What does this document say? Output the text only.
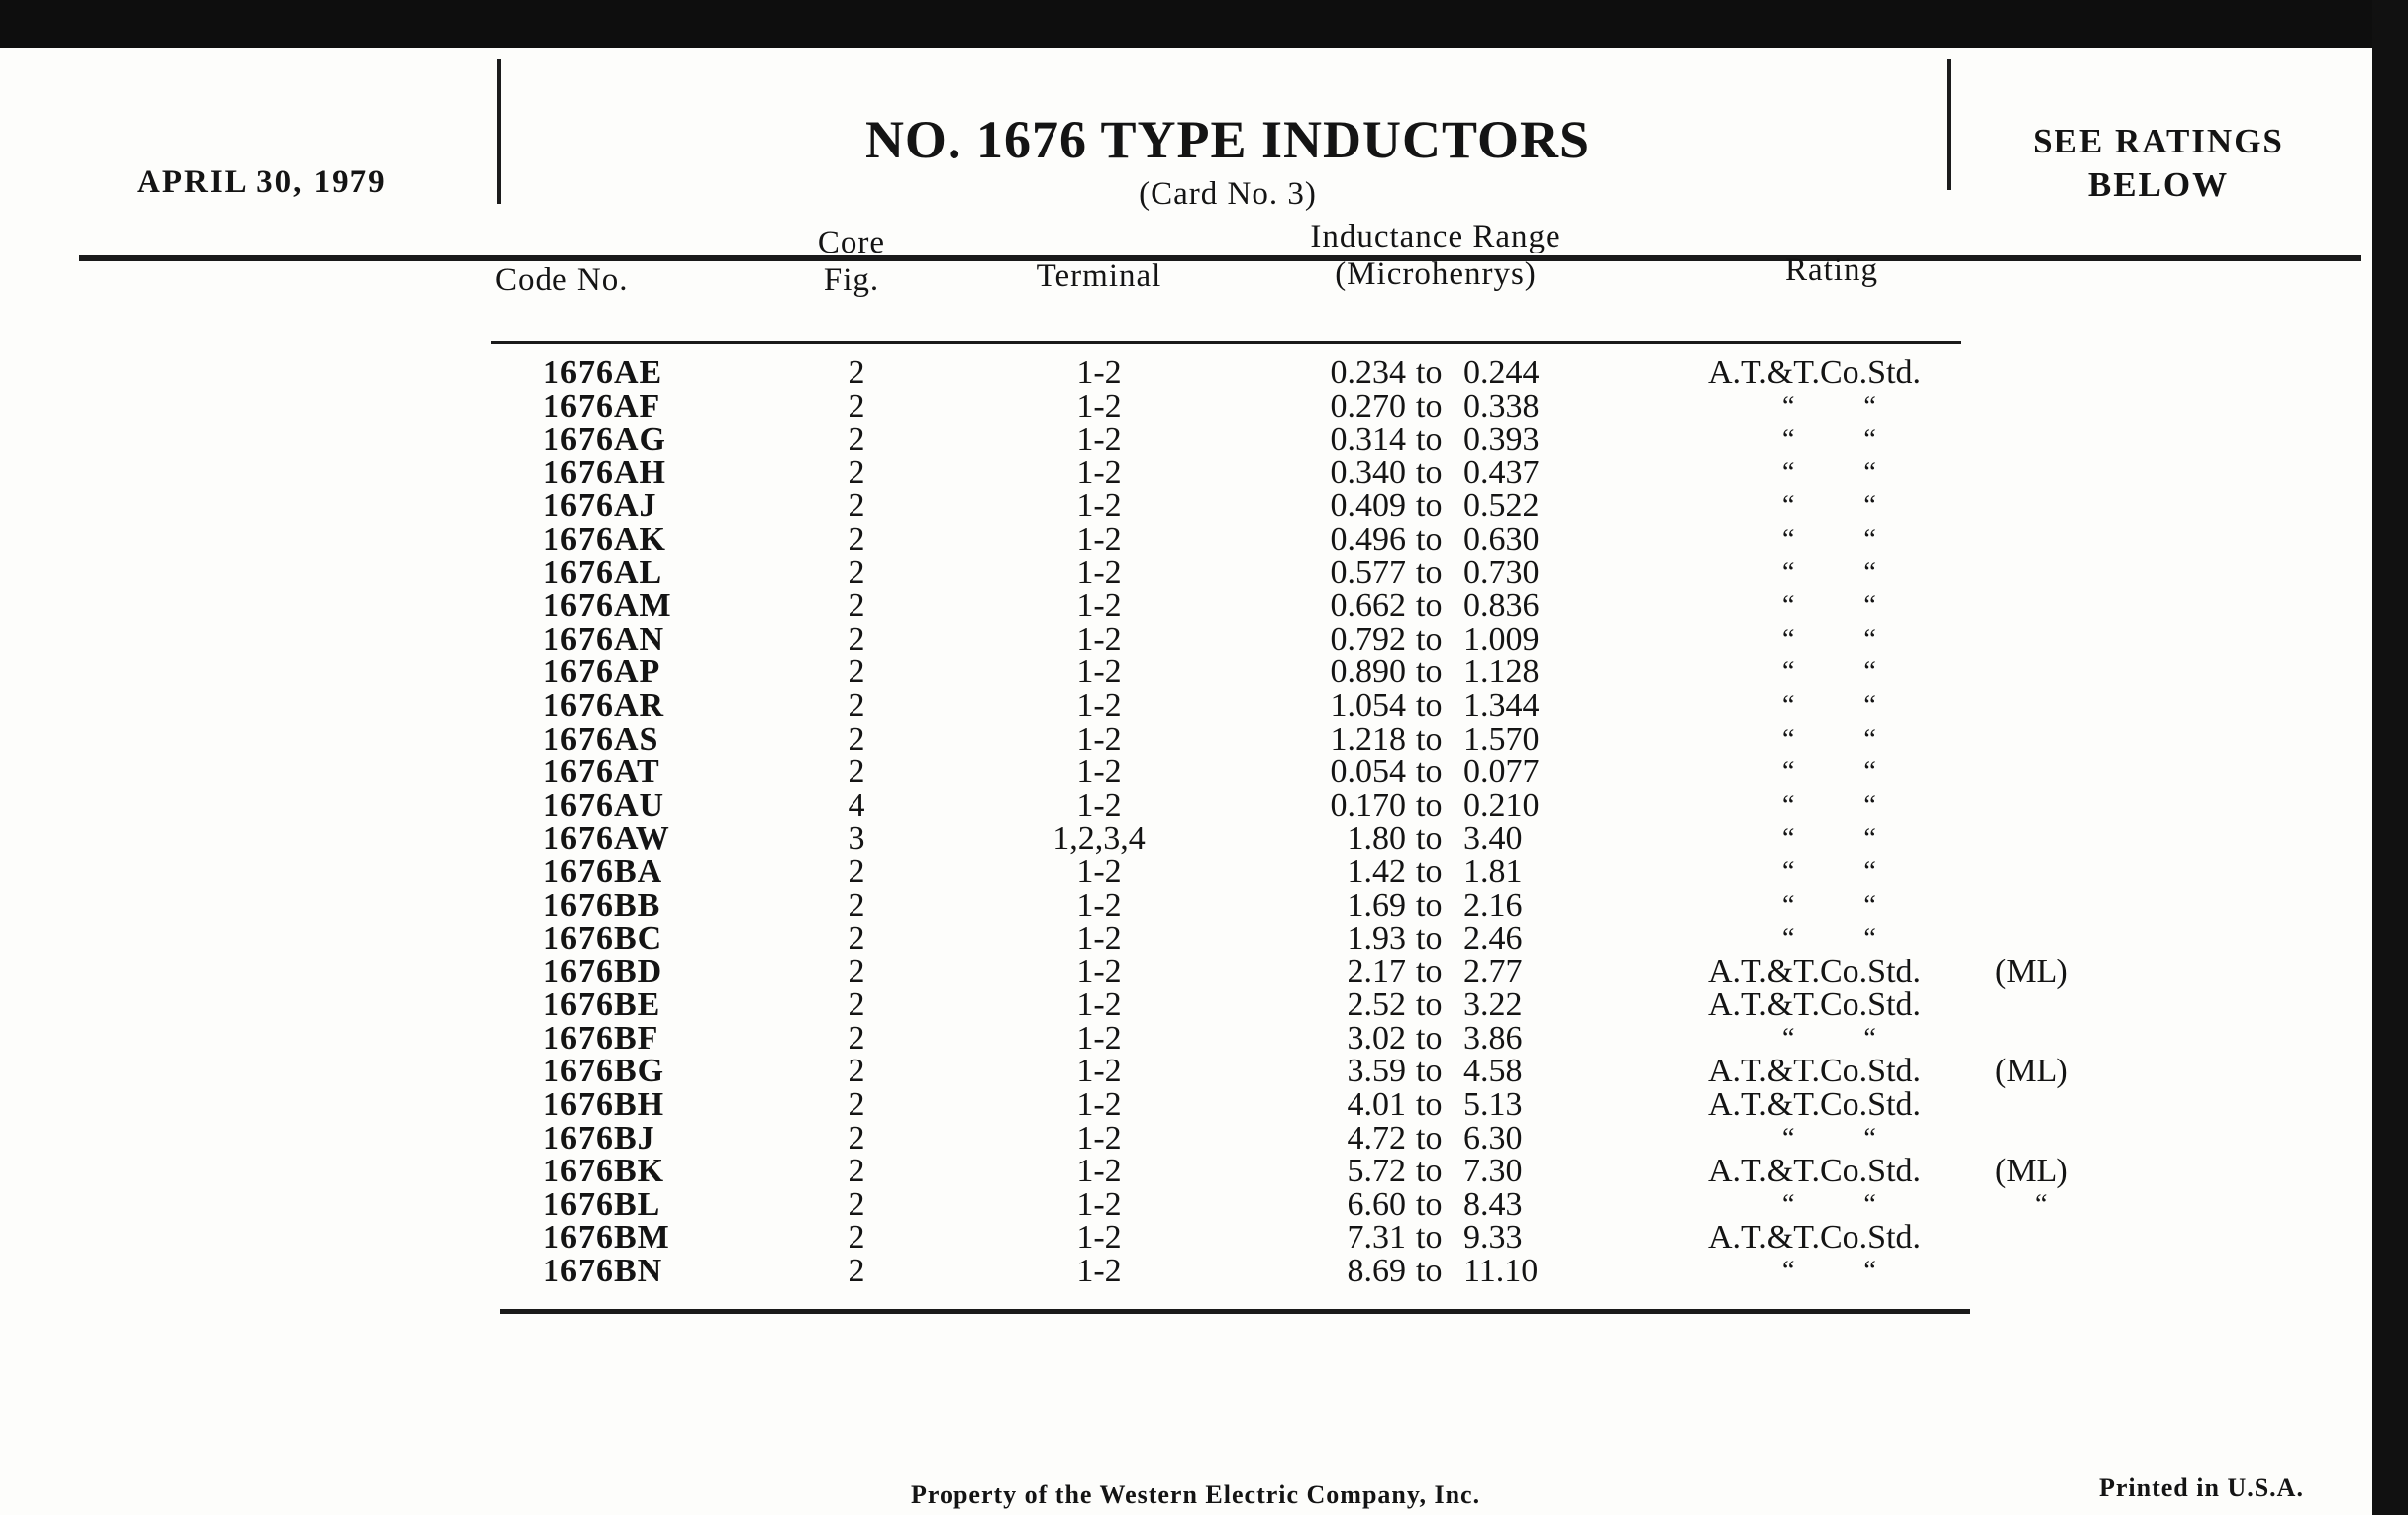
APRIL 30, 1979
NO. 1676 TYPE INDUCTORS
(Card No. 3)
SEE RATINGS
BELOW
Code No.
Core
Fig.	Terminal
Inductance Range
(Microhenrys)	Rating
1676AE	2	1-2	0.234 to 0.244	A.T.&T.Co.Std.
1676AF	2	1-2	0.270 to 0.338	“          “
1676AG	2	1-2	0.314 to 0.393	“          “
1676AH	2	1-2	0.340 to 0.437	“          “
1676AJ	2	1-2	0.409 to 0.522	“          “
1676AK	2	1-2	0.496 to 0.630	“          “
1676AL	2	1-2	0.577 to 0.730	“          “
1676AM	2	1-2	0.662 to 0.836	“          “
1676AN	2	1-2	0.792 to 1.009	“          “
1676AP	2	1-2	0.890 to 1.128	“          “
1676AR	2	1-2	1.054 to 1.344	“          “
1676AS	2	1-2	1.218 to 1.570	“          “
1676AT	2	1-2	0.054 to 0.077	“          “
1676AU	4	1-2	0.170 to 0.210	“          “
1676AW	3	1,2,3,4	1.80 to 3.40	“          “
1676BA	2	1-2	1.42 to 1.81	“          “
1676BB	2	1-2	1.69 to 2.16	“          “
1676BC	2	1-2	1.93 to 2.46	“          “
1676BD	2	1-2	2.17 to 2.77	A.T.&T.Co.Std.	(ML)
1676BE	2	1-2	2.52 to 3.22	A.T.&T.Co.Std.
1676BF	2	1-2	3.02 to 3.86	“          “
1676BG	2	1-2	3.59 to 4.58	A.T.&T.Co.Std.	(ML)
1676BH	2	1-2	4.01 to 5.13	A.T.&T.Co.Std.
1676BJ	2	1-2	4.72 to 6.30	“          “
1676BK	2	1-2	5.72 to 7.30	A.T.&T.Co.Std.	(ML)
1676BL	2	1-2	6.60 to 8.43	“          “	“
1676BM	2	1-2	7.31 to 9.33	A.T.&T.Co.Std.
1676BN	2	1-2	8.69 to 11.10	“          “
Property of the Western Electric Company, Inc.	Printed in U.S.A.
